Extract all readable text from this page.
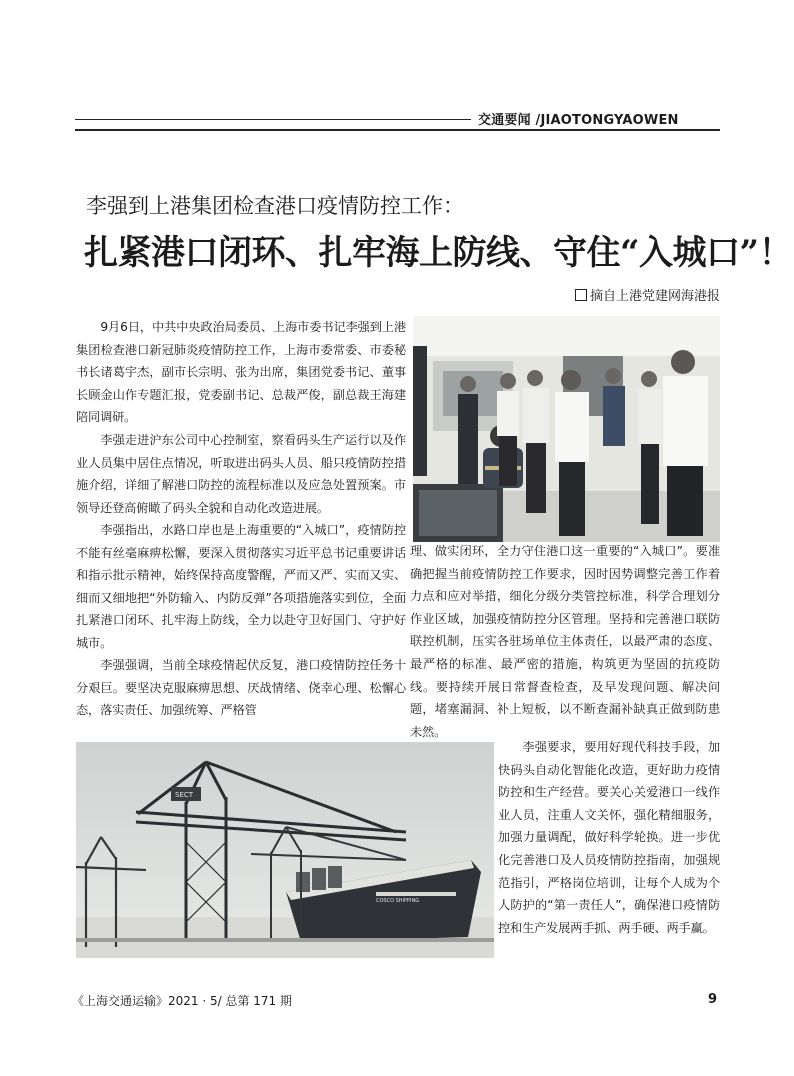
交通要闻 /JIAOTONGYAOWEN
李强到上港集团检查港口疫情防控工作：
扎紧港口闭环、扎牢海上防线、守住“入城口”！
摘自上港党建网海港报

9月6日，中共中央政治局委员、上海市委书记李强到上港集团检查港口新冠肺炎疫情防控工作，上海市委常委、市委秘书长诸葛宇杰，副市长宗明、张为出席，集团党委书记、董事长顾金山作专题汇报，党委副书记、总裁严俊，副总裁王海建陪同调研。

李强走进沪东公司中心控制室，察看码头生产运行以及作业人员集中居住点情况，听取进出码头人员、船只疫情防控措施介绍，详细了解港口防控的流程标准以及应急处置预案。市领导还登高俯瞰了码头全貌和自动化改造进展。

李强指出，水路口岸也是上海重要的“入城口”，疫情防控不能有丝毫麻痹松懈，要深入贯彻落实习近平总书记重要讲话和指示批示精神，始终保持高度警醒，严而又严、实而又实、细而又细地把“外防输入、内防反弹”各项措施落实到位，全面扎紧港口闭环、扎牢海上防线，全力以赴守卫好国门、守护好城市。

李强强调，当前全球疫情起伏反复，港口疫情防控任务十分艰巨。要坚决克服麻痹思想、厌战情绪、侥幸心理、松懈心态，落实责任、加强统筹、严格管

理、做实闭环，全力守住港口这一重要的“入城口”。要准确把握当前疫情防控工作要求，因时因势调整完善工作着力点和应对举措，细化分级分类管控标准，科学合理划分作业区域，加强疫情防控分区管理。坚持和完善港口联防联控机制，压实各驻场单位主体责任，以最严肃的态度、最严格的标准、最严密的措施，构筑更为坚固的抗疫防线。要持续开展日常督查检查，及早发现问题、解决问题，堵塞漏洞、补上短板，以不断查漏补缺真正做到防患未然。

李强要求，要用好现代科技手段，加快码头自动化智能化改造，更好助力疫情防控和生产经营。要关心关爱港口一线作业人员，注重人文关怀，强化精细服务，加强力量调配，做好科学轮换。进一步优化完善港口及人员疫情防控指南，加强规范指引，严格岗位培训，让每个人成为个人防护的“第一责任人”，确保港口疫情防控和生产发展两手抓、两手硬、两手赢。

COSCO SHIPPING
SECT
《上海交通运输》2021 · 5/ 总第 171 期	9
